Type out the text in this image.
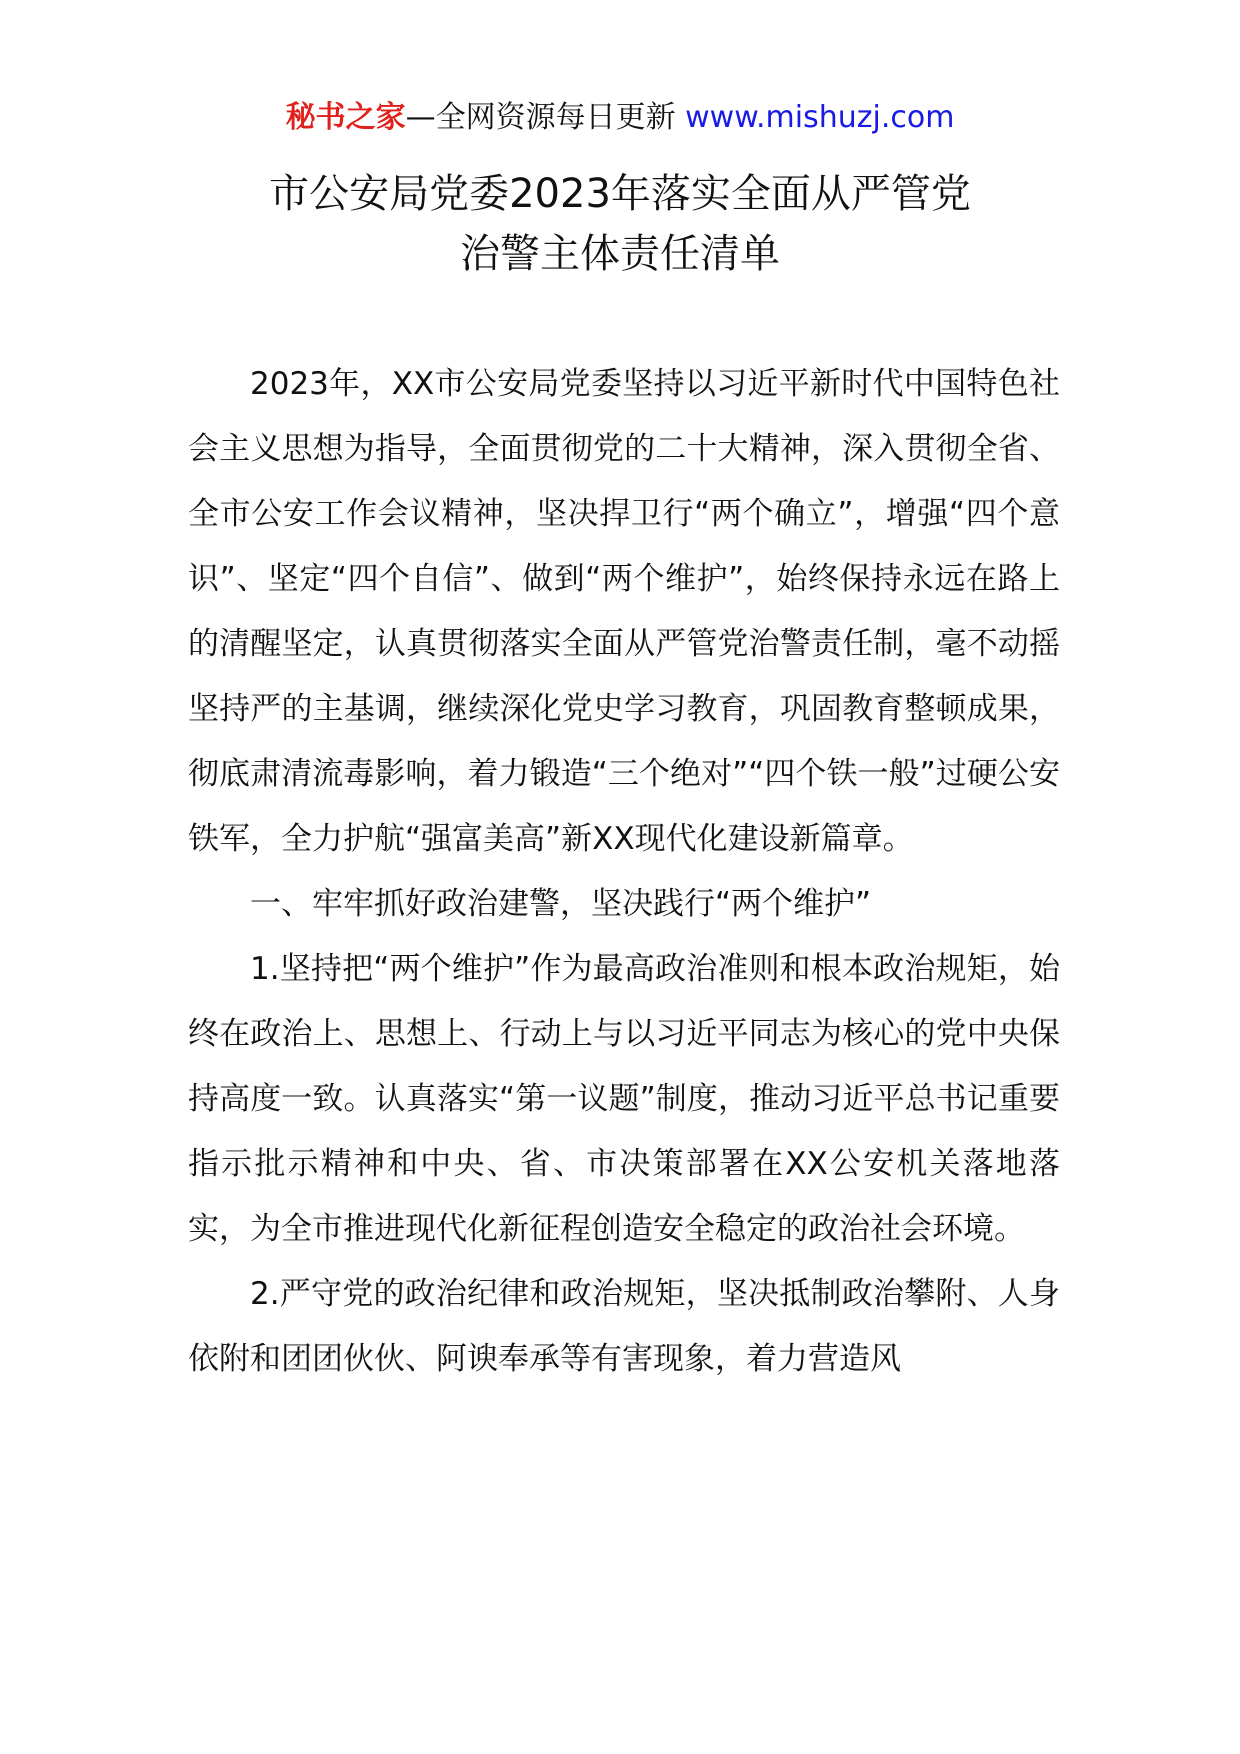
秘书之家—全网资源每日更新 www.mishuzj.com
市公安局党委2023年落实全面从严管党
治警主体责任清单

2023年，XX市公安局党委坚持以习近平新时代中国特色社会主义思想为指导，全面贯彻党的二十大精神，深入贯彻全省、全市公安工作会议精神，坚决捍卫行“两个确立”，增强“四个意识”、坚定“四个自信”、做到“两个维护”，始终保持永远在路上的清醒坚定，认真贯彻落实全面从严管党治警责任制，毫不动摇坚持严的主基调，继续深化党史学习教育，巩固教育整顿成果，彻底肃清流毒影响，着力锻造“三个绝对”“四个铁一般”过硬公安铁军，全力护航“强富美高”新XX现代化建设新篇章。

一、牢牢抓好政治建警，坚决践行“两个维护”

1.坚持把“两个维护”作为最高政治准则和根本政治规矩，始终在政治上、思想上、行动上与以习近平同志为核心的党中央保持高度一致。认真落实“第一议题”制度，推动习近平总书记重要指示批示精神和中央、省、市决策部署在XX公安机关落地落实，为全市推进现代化新征程创造安全稳定的政治社会环境。

2.严守党的政治纪律和政治规矩，坚决抵制政治攀附、人身依附和团团伙伙、阿谀奉承等有害现象，着力营造风
